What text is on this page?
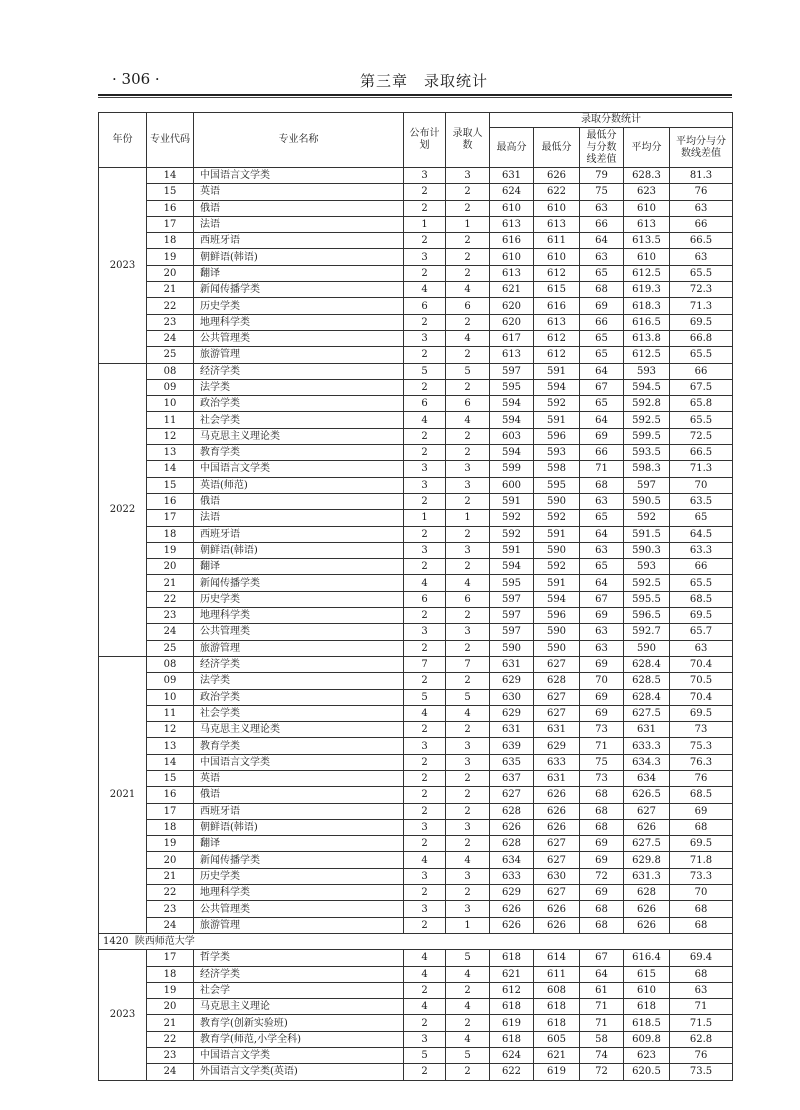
· 306 ·	第三章　录取统计
年份	专业代码	专业名称	公布计划	录取人数	录取分数统计				
					最高分	最低分	最低分与分数线差值	平均分	平均分与分数线差值
2023	14	中国语言文学类	3	3	631	626	79	628.3	81.3
	15	英语	2	2	624	622	75	623	76
	16	俄语	2	2	610	610	63	610	63
	17	法语	1	1	613	613	66	613	66
	18	西班牙语	2	2	616	611	64	613.5	66.5
	19	朝鲜语(韩语)	3	2	610	610	63	610	63
	20	翻译	2	2	613	612	65	612.5	65.5
	21	新闻传播学类	4	4	621	615	68	619.3	72.3
	22	历史学类	6	6	620	616	69	618.3	71.3
	23	地理科学类	2	2	620	613	66	616.5	69.5
	24	公共管理类	3	4	617	612	65	613.8	66.8
	25	旅游管理	2	2	613	612	65	612.5	65.5
2022	08	经济学类	5	5	597	591	64	593	66
	09	法学类	2	2	595	594	67	594.5	67.5
	10	政治学类	6	6	594	592	65	592.8	65.8
	11	社会学类	4	4	594	591	64	592.5	65.5
	12	马克思主义理论类	2	2	603	596	69	599.5	72.5
	13	教育学类	2	2	594	593	66	593.5	66.5
	14	中国语言文学类	3	3	599	598	71	598.3	71.3
	15	英语(师范)	3	3	600	595	68	597	70
	16	俄语	2	2	591	590	63	590.5	63.5
	17	法语	1	1	592	592	65	592	65
	18	西班牙语	2	2	592	591	64	591.5	64.5
	19	朝鲜语(韩语)	3	3	591	590	63	590.3	63.3
	20	翻译	2	2	594	592	65	593	66
	21	新闻传播学类	4	4	595	591	64	592.5	65.5
	22	历史学类	6	6	597	594	67	595.5	68.5
	23	地理科学类	2	2	597	596	69	596.5	69.5
	24	公共管理类	3	3	597	590	63	592.7	65.7
	25	旅游管理	2	2	590	590	63	590	63
2021	08	经济学类	7	7	631	627	69	628.4	70.4
	09	法学类	2	2	629	628	70	628.5	70.5
	10	政治学类	5	5	630	627	69	628.4	70.4
	11	社会学类	4	4	629	627	69	627.5	69.5
	12	马克思主义理论类	2	2	631	631	73	631	73
	13	教育学类	3	3	639	629	71	633.3	75.3
	14	中国语言文学类	2	3	635	633	75	634.3	76.3
	15	英语	2	2	637	631	73	634	76
	16	俄语	2	2	627	626	68	626.5	68.5
	17	西班牙语	2	2	628	626	68	627	69
	18	朝鲜语(韩语)	3	3	626	626	68	626	68
	19	翻译	2	2	628	627	69	627.5	69.5
	20	新闻传播学类	4	4	634	627	69	629.8	71.8
	21	历史学类	3	3	633	630	72	631.3	73.3
	22	地理科学类	2	2	629	627	69	628	70
	23	公共管理类	3	3	626	626	68	626	68
	24	旅游管理	2	1	626	626	68	626	68
1420 陕西师范大学									
2023	17	哲学类	4	5	618	614	67	616.4	69.4
	18	经济学类	4	4	621	611	64	615	68
	19	社会学	2	2	612	608	61	610	63
	20	马克思主义理论	4	4	618	618	71	618	71
	21	教育学(创新实验班)	2	2	619	618	71	618.5	71.5
	22	教育学(师范,小学全科)	3	4	618	605	58	609.8	62.8
	23	中国语言文学类	5	5	624	621	74	623	76
	24	外国语言文学类(英语)	2	2	622	619	72	620.5	73.5
